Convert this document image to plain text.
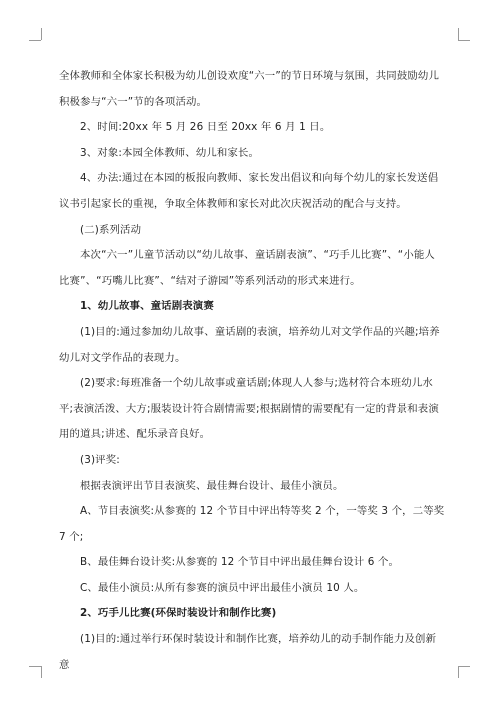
全体教师和全体家长积极为幼儿创设欢度“六一”的节日环境与氛围，共同鼓励幼儿积极参与“六一”节的各项活动。

2、时间:20xx 年 5 月 26 日至 20xx 年 6 月 1 日。

3、对象:本园全体教师、幼儿和家长。

4、办法:通过在本园的板报向教师、家长发出倡议和向每个幼儿的家长发送倡议书引起家长的重视，争取全体教师和家长对此次庆祝活动的配合与支持。

(二)系列活动

本次“六一”儿童节活动以“幼儿故事、童话剧表演”、“巧手儿比赛”、“小能人比赛”、“巧嘴儿比赛”、“结对子游园”等系列活动的形式来进行。

1、幼儿故事、童话剧表演赛

(1)目的:通过参加幼儿故事、童话剧的表演，培养幼儿对文学作品的兴趣;培养幼儿对文学作品的表现力。

(2)要求:每班准备一个幼儿故事或童话剧;体现人人参与;选材符合本班幼儿水平;表演活泼、大方;服装设计符合剧情需要;根据剧情的需要配有一定的背景和表演用的道具;讲述、配乐录音良好。

(3)评奖:

根据表演评出节目表演奖、最佳舞台设计、最佳小演员。

A、节目表演奖:从参赛的 12 个节目中评出特等奖 2 个，一等奖 3 个，二等奖 7 个;

B、最佳舞台设计奖:从参赛的 12 个节目中评出最佳舞台设计 6 个。

C、最佳小演员:从所有参赛的演员中评出最佳小演员 10 人。

2、巧手儿比赛(环保时装设计和制作比赛)

(1)目的:通过举行环保时装设计和制作比赛，培养幼儿的动手制作能力及创新意
